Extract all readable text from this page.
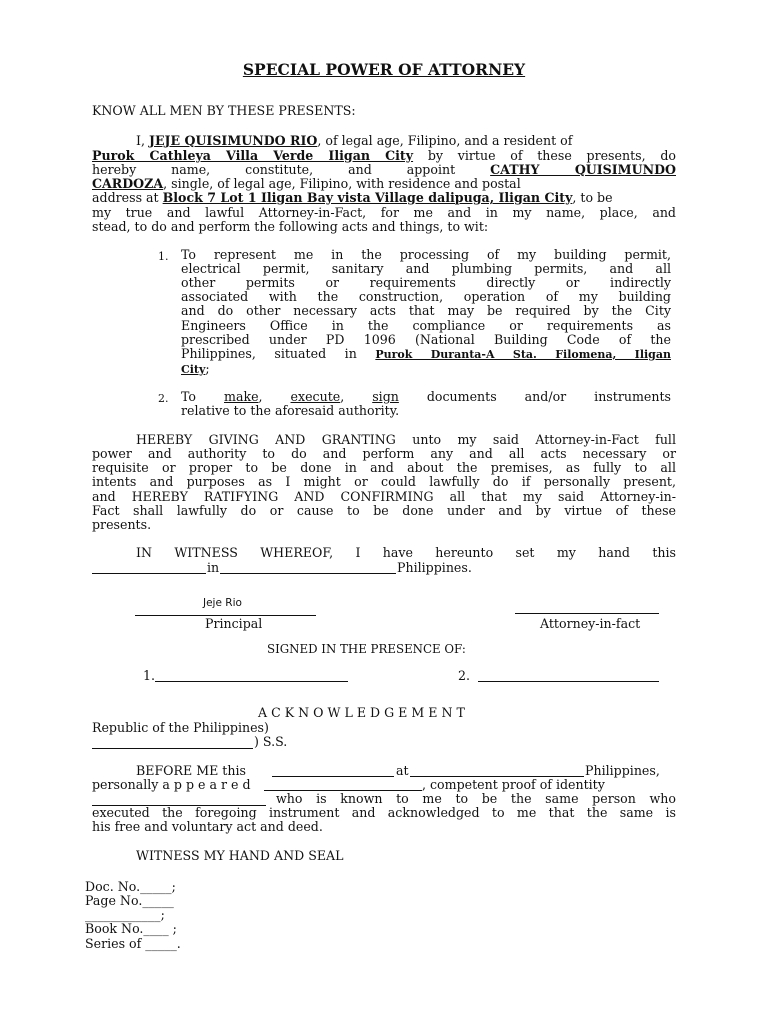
SPECIAL POWER OF ATTORNEY
KNOW ALL MEN BY THESE PRESENTS:
I, JEJE QUISIMUNDO RIO, of legal age, Filipino, and a resident of
Purok Cathleya Villa Verde Iligan City by virtue of these presents, do
hereby name, constitute, and appoint	CATHY QUISIMUNDO
CARDOZA, single, of legal age, Filipino, with residence and postal
address at Block 7 Lot 1 Iligan Bay vista Village dalipuga, Iligan City, to be
my true and lawful Attorney-in-Fact, for me and in my name, place, and
stead, to do and perform the following acts and things, to wit:
1. To represent me in the processing of my building permit,
electrical permit, sanitary and plumbing permits, and all
other permits or requirements directly or indirectly
associated with the construction, operation of my building
and do other necessary acts that may be required by the City
Engineers Office in the compliance or requirements as
prescribed under PD 1096 (National Building Code of the
Philippines, situated in Purok Duranta-A Sta. Filomena, Iligan
City;
2. To make, execute, sign documents and/or instruments
relative to the aforesaid authority.
HEREBY GIVING AND GRANTING unto my said Attorney-in-Fact full
power and authority to do and perform any and all acts necessary or
requisite or proper to be done in and about the premises, as fully to all
intents and purposes as I might or could lawfully do if personally present,
and HEREBY RATIFYING AND CONFIRMING all that my said Attorney-in-
Fact shall lawfully do or cause to be done under and by virtue of these
presents.
IN WITNESS WHEREOF, I have hereunto set my hand this
in	Philippines.
Jeje Rio
Principal	Attorney-in-fact
SIGNED IN THE PRESENCE OF:
1.	2.
A C K N O W L E D G E M E N T
Republic of the Philippines)
) S.S.
BEFORE ME this	at	Philippines,
personally a p p e a r e d	, competent proof of identity
who is known to me to be the same person who
executed the foregoing instrument and acknowledged to me that the same is
his free and voluntary act and deed.
WITNESS MY HAND AND SEAL
Doc. No._____;
Page No._____
____________;
Book No.____ ;
Series of _____.
